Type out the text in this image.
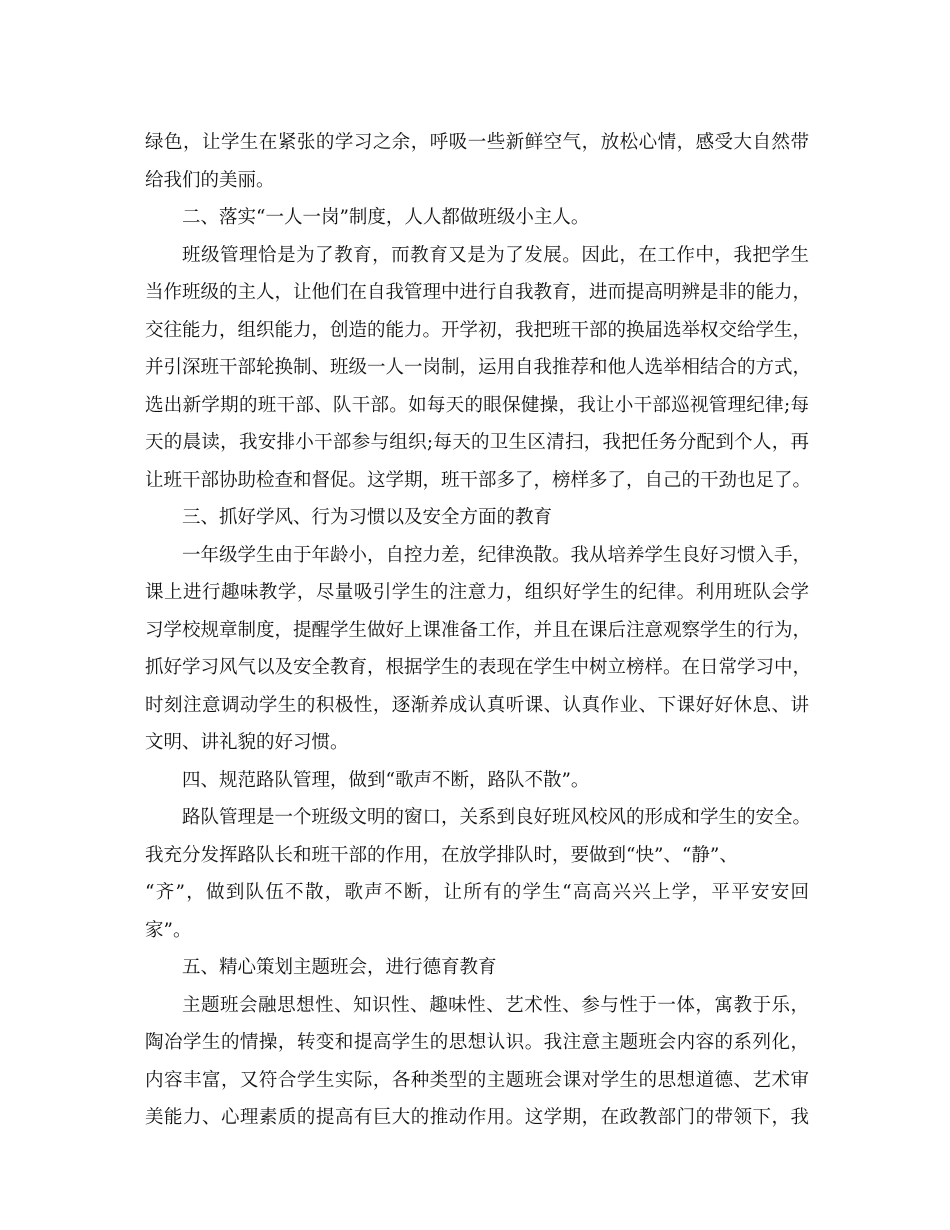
绿色，让学生在紧张的学习之余，呼吸一些新鲜空气，放松心情，感受大自然带
给我们的美丽。
二、落实“一人一岗”制度，人人都做班级小主人。
班级管理恰是为了教育，而教育又是为了发展。因此，在工作中，我把学生
当作班级的主人，让他们在自我管理中进行自我教育，进而提高明辨是非的能力，
交往能力，组织能力，创造的能力。开学初，我把班干部的换届选举权交给学生，
并引深班干部轮换制、班级一人一岗制，运用自我推荐和他人选举相结合的方式，
选出新学期的班干部、队干部。如每天的眼保健操，我让小干部巡视管理纪律;每
天的晨读，我安排小干部参与组织;每天的卫生区清扫，我把任务分配到个人，再
让班干部协助检查和督促。这学期，班干部多了，榜样多了，自己的干劲也足了。
三、抓好学风、行为习惯以及安全方面的教育
一年级学生由于年龄小，自控力差，纪律涣散。我从培养学生良好习惯入手，
课上进行趣味教学，尽量吸引学生的注意力，组织好学生的纪律。利用班队会学
习学校规章制度，提醒学生做好上课准备工作，并且在课后注意观察学生的行为，
抓好学习风气以及安全教育，根据学生的表现在学生中树立榜样。在日常学习中，
时刻注意调动学生的积极性，逐渐养成认真听课、认真作业、下课好好休息、讲
文明、讲礼貌的好习惯。
四、规范路队管理，做到“歌声不断，路队不散”。
路队管理是一个班级文明的窗口，关系到良好班风校风的形成和学生的安全。
我充分发挥路队长和班干部的作用，在放学排队时，要做到“快”、“静”、
“齐”，做到队伍不散，歌声不断，让所有的学生“高高兴兴上学，平平安安回
家”。
五、精心策划主题班会，进行德育教育
主题班会融思想性、知识性、趣味性、艺术性、参与性于一体，寓教于乐，
陶冶学生的情操，转变和提高学生的思想认识。我注意主题班会内容的系列化，
内容丰富，又符合学生实际，各种类型的主题班会课对学生的思想道德、艺术审
美能力、心理素质的提高有巨大的推动作用。这学期，在政教部门的带领下，我
